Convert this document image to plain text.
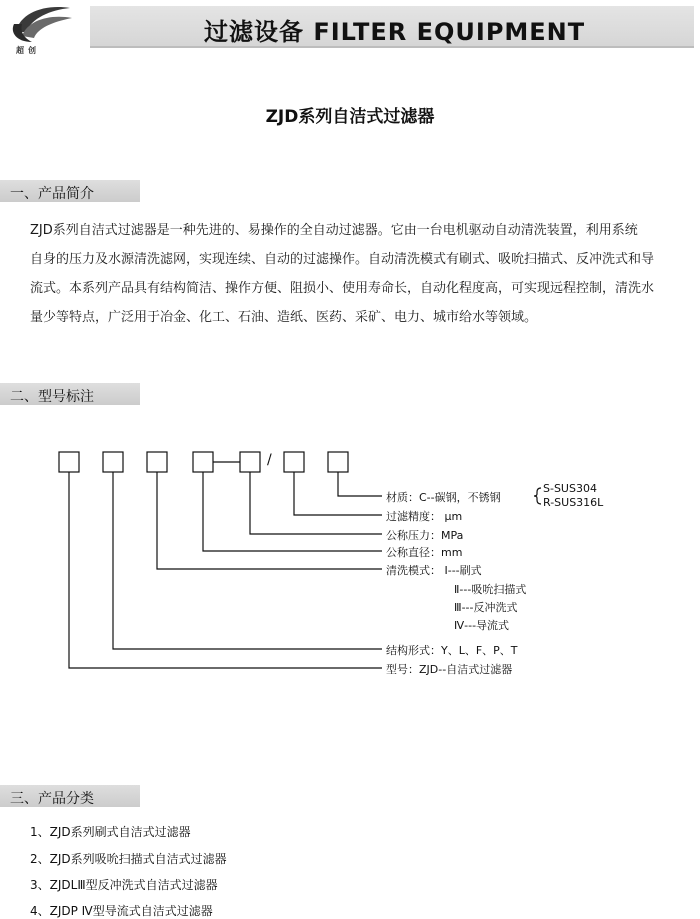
超创
过滤设备 FILTER EQUIPMENT
ZJD系列自洁式过滤器
一、产品简介
ZJD系列自洁式过滤器是一种先进的、易操作的全自动过滤器。它由一台电机驱动自动清洗装置，利用系统
自身的压力及水源清洗滤网，实现连续、自动的过滤操作。自动清洗模式有刷式、吸吮扫描式、反冲洗式和导
流式。本系列产品具有结构简洁、操作方便、阻损小、使用寿命长，自动化程度高，可实现远程控制，清洗水
量少等特点，广泛用于冶金、化工、石油、造纸、医药、采矿、电力、城市给水等领域。
二、型号标注
/
材质：C--碳钢，不锈钢
S-SUS304
R-SUS316L
过滤精度： μm
公称压力：MPa
公称直径：mm
清洗模式： Ⅰ---刷式
Ⅱ---吸吮扫描式
Ⅲ---反冲洗式
Ⅳ---导流式
结构形式：Y、L、F、P、T
型号：ZJD--自洁式过滤器
三、产品分类
1、ZJD系列刷式自洁式过滤器
2、ZJD系列吸吮扫描式自洁式过滤器
3、ZJDLⅢ型反冲洗式自洁式过滤器
4、ZJDP Ⅳ型导流式自洁式过滤器
